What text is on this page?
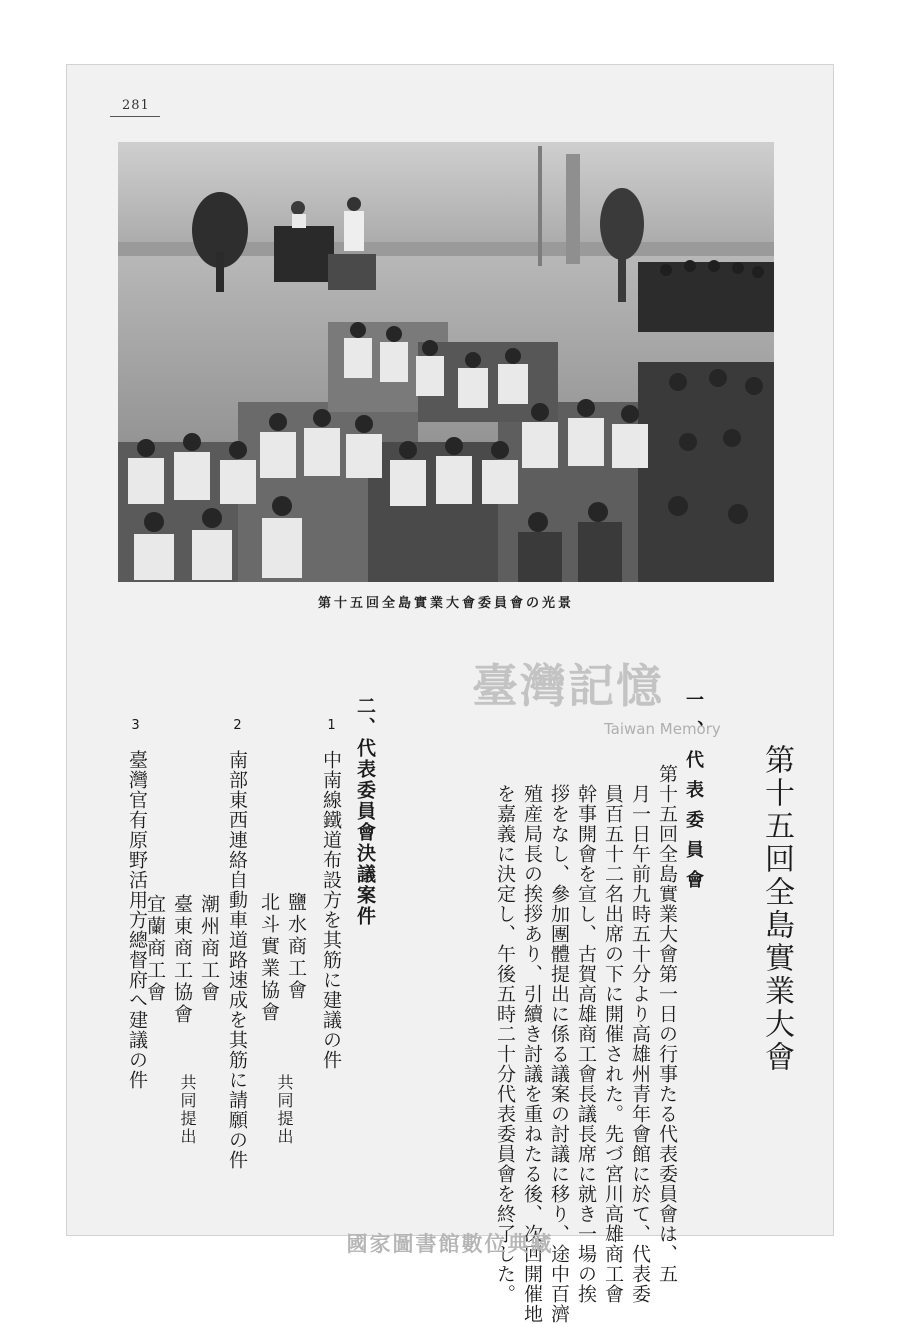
281
第十五回全島實業大會委員會の光景
第十五回全島實業大會
一、代表委員會
第十五回全島實業大會第一日の行事たる代表委員會は、五
月一日午前九時五十分より高雄州青年會館に於て、代表委
員百五十二名出席の下に開催された。先づ宮川高雄商工會
幹事開會を宣し、古賀高雄商工會長議長席に就き一場の挨
拶をなし、參加團體提出に係る議案の討議に移り、途中百濟
殖産局長の挨拶あり、引續き討議を重ねたる後、次回開催地
を嘉義に決定し、午後五時二十分代表委員會を終了した。
二、代表委員會決議案件
1
中南線鐵道布設方を其筋に建議の件
鹽水商工會
北斗實業協會
共同提出
2
南部東西連絡自動車道路速成を其筋に請願の件
潮州商工會
臺東商工協會
宜蘭商工會
共同提出
3
臺灣官有原野活用方總督府へ建議の件
臺灣記憶
Taiwan Memory
國家圖書館數位典藏
